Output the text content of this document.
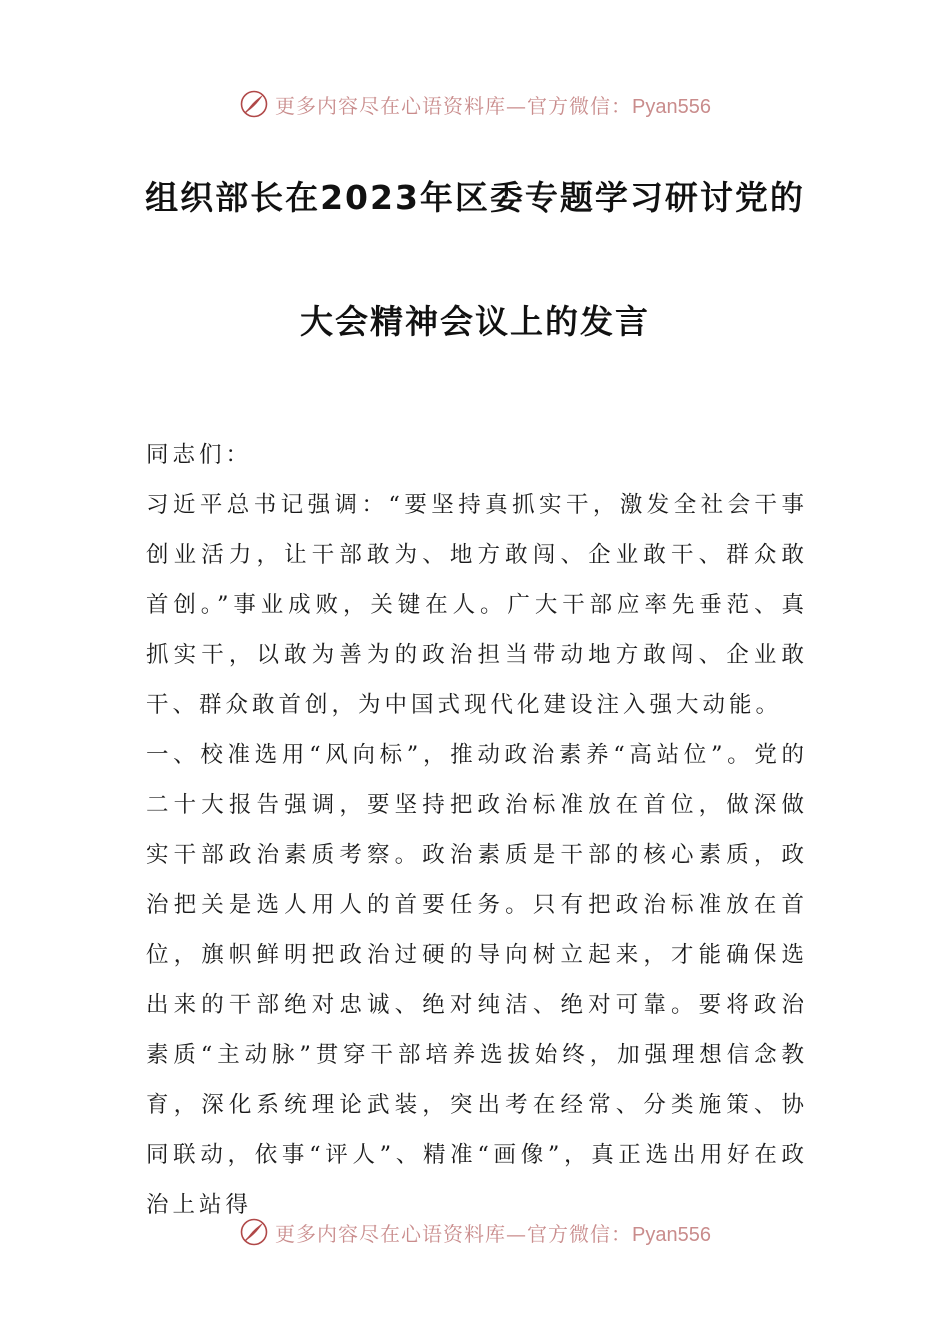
更多内容尽在心语资料库—官方微信：Pyan556
组织部长在2023年区委专题学习研讨党的
大会精神会议上的发言

同志们：

习近平总书记强调：“要坚持真抓实干，激发全社会干事创业活力，让干部敢为、地方敢闯、企业敢干、群众敢首创。”事业成败，关键在人。广大干部应率先垂范、真抓实干，以敢为善为的政治担当带动地方敢闯、企业敢干、群众敢首创，为中国式现代化建设注入强大动能。

一、校准选用“风向标”，推动政治素养“高站位”。党的二十大报告强调，要坚持把政治标准放在首位，做深做实干部政治素质考察。政治素质是干部的核心素质，政治把关是选人用人的首要任务。只有把政治标准放在首位，旗帜鲜明把政治过硬的导向树立起来，才能确保选出来的干部绝对忠诚、绝对纯洁、绝对可靠。要将政治素质“主动脉”贯穿干部培养选拔始终，加强理想信念教育，深化系统理论武装，突出考在经常、分类施策、协同联动，依事“评人”、精准“画像”，真正选出用好在政治上站得

更多内容尽在心语资料库—官方微信：Pyan556
